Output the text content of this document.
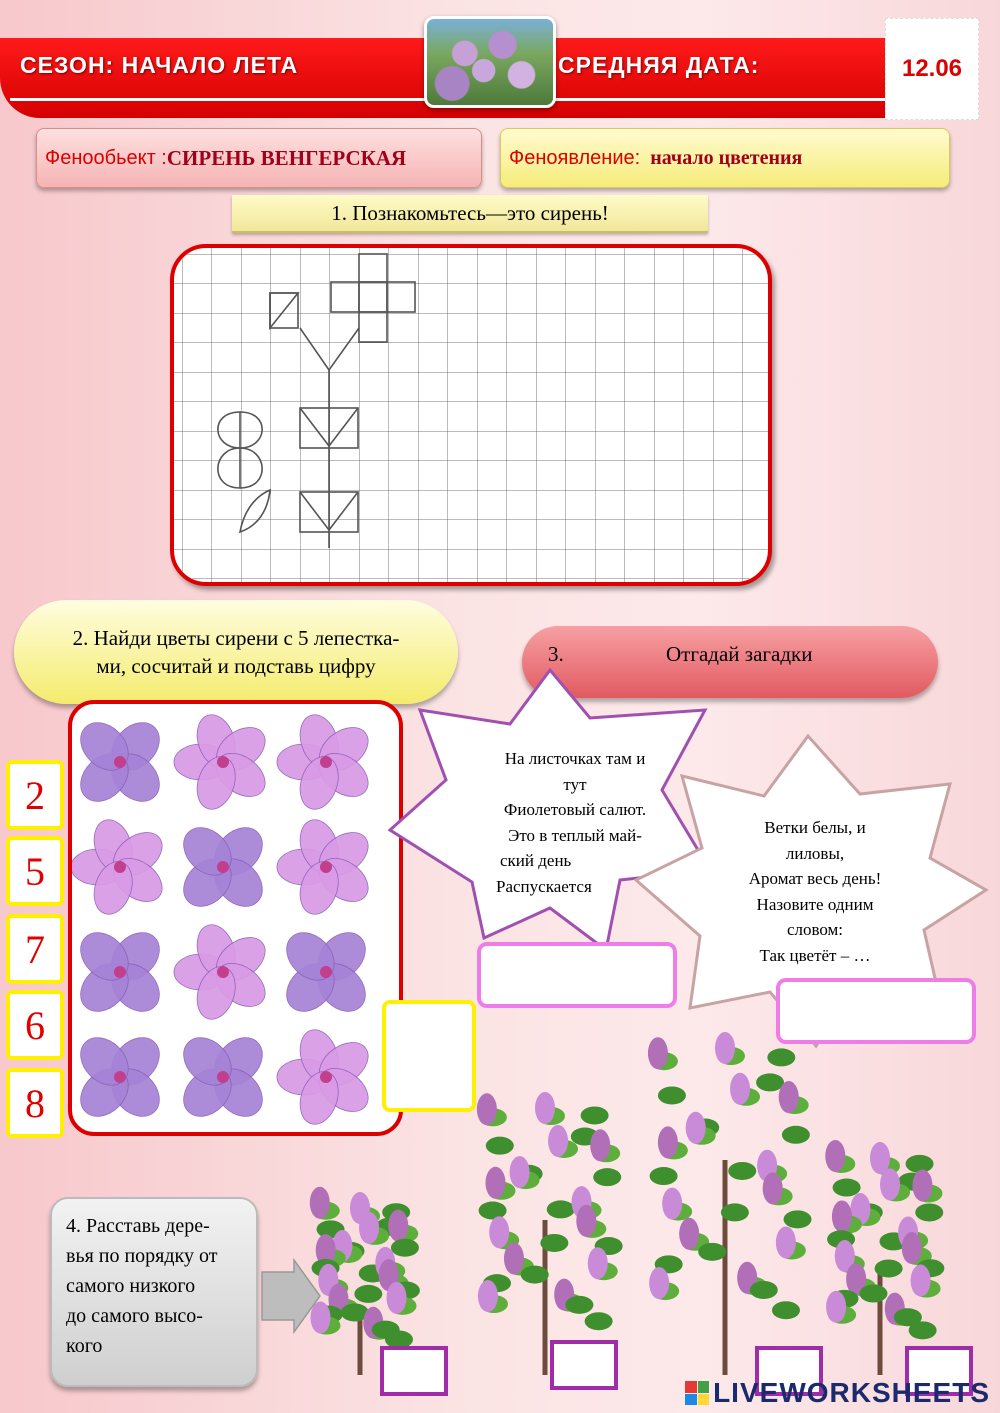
СЕЗОН: НАЧАЛО ЛЕТА	СРЕДНЯЯ ДАТА:	12.06
Феноoбьект : СИРЕНЬ ВЕНГЕРСКАЯ	Феноявление: начало цветения
1. Познакомьтесь—это сирень!
2. Найди цветы сирени с 5 лепестка-
ми, сосчитай и подставь цифру	3.	Отгадай загадки
2
5
7
6
8
На листочках там и
тут
Фиолетовый салют.
Это в теплый май-
ский день
Распускается
Ветки белы, и
лиловы,
Аромат весь день!
Назовите одним
словом:
Так цветёт – …
4. Расставь дере-
вья по порядку от
самого низкого
до самого высо-
кого
LIVEWORKSHEETS
